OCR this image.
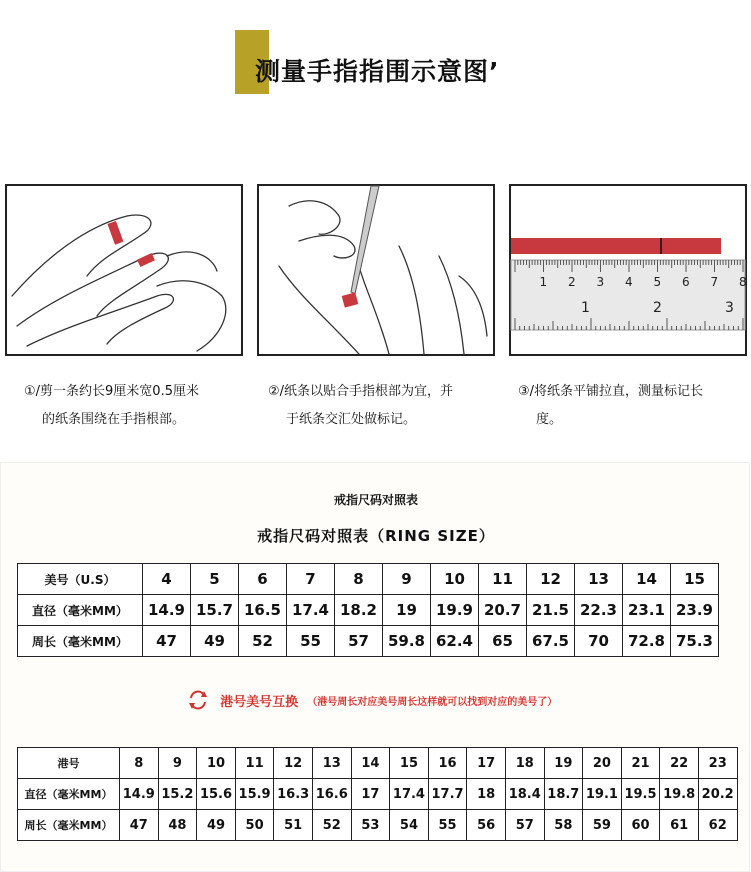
测量手指指围示意图’
1 2 3 4 5 6 7 8
1	2	3
①/剪一条约长9厘米宽0.5厘米
的纸条围绕在手指根部。
②/纸条以贴合手指根部为宜，并
于纸条交汇处做标记。
③/将纸条平铺拉直，测量标记长
度。
戒指尺码对照表
戒指尺码对照表（RING SIZE）
美号（U.S）	4	5	6	7	8	9	10	11	12	13	14	15
直径（毫米MM）	14.9	15.7	16.5	17.4	18.2	19	19.9	20.7	21.5	22.3	23.1	23.9
周长（毫米MM）	47	49	52	55	57	59.8	62.4	65	67.5	70	72.8	75.3
港号美号互换 （港号周长对应美号周长这样就可以找到对应的美号了）
港号	8	9	10	11	12	13	14	15	16	17	18	19	20	21	22	23
直径（毫米MM）	14.9	15.2	15.6	15.9	16.3	16.6	17	17.4	17.7	18	18.4	18.7	19.1	19.5	19.8	20.2
周长（毫米MM）	47	48	49	50	51	52	53	54	55	56	57	58	59	60	61	62
